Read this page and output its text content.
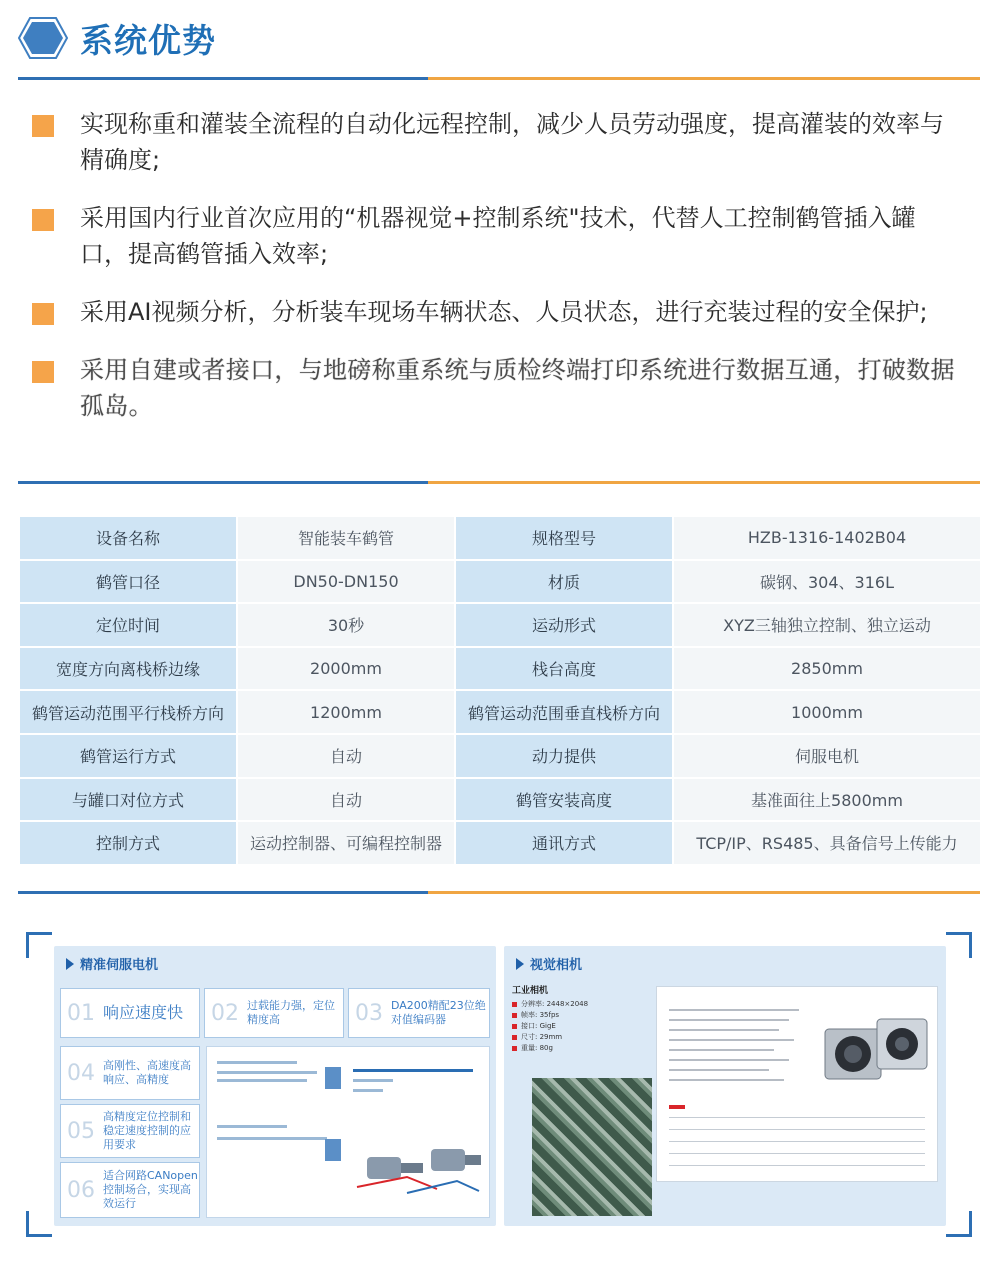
系统优势
实现称重和灌装全流程的自动化远程控制，减少人员劳动强度，提高灌装的效率与精确度;
采用国内行业首次应用的“机器视觉+控制系统"技术，代替人工控制鹤管插入罐口，提高鹤管插入效率;
采用AI视频分析，分析装车现场车辆状态、人员状态，进行充装过程的安全保护;
采用自建或者接口，与地磅称重系统与质检终端打印系统进行数据互通，打破数据孤岛。
设备名称	智能装车鹤管	规格型号	HZB-1316-1402B04
鹤管口径	DN50-DN150	材质	碳钢、304、316L
定位时间	30秒	运动形式	XYZ三轴独立控制、独立运动
宽度方向离栈桥边缘	2000mm	栈台高度	2850mm
鹤管运动范围平行栈桥方向	1200mm	鹤管运动范围垂直栈桥方向	1000mm
鹤管运行方式	自动	动力提供	伺服电机
与罐口对位方式	自动	鹤管安装高度	基准面往上5800mm
控制方式	运动控制器、可编程控制器	通讯方式	TCP/IP、RS485、具备信号上传能力
精准伺服电机
01 响应速度快 02 过载能力强，定位精度高	03 DA200精配23位绝对值编码器
04 高刚性、高速度高响应、高精度
05
高精度定位控制和稳定速度控制的应用要求
06
适合网路CANopen控制场合，实现高效运行
视觉相机
工业相机
分辨率: 2448×2048
帧率: 35fps
接口: GigE
尺寸: 29mm
重量: 80g
